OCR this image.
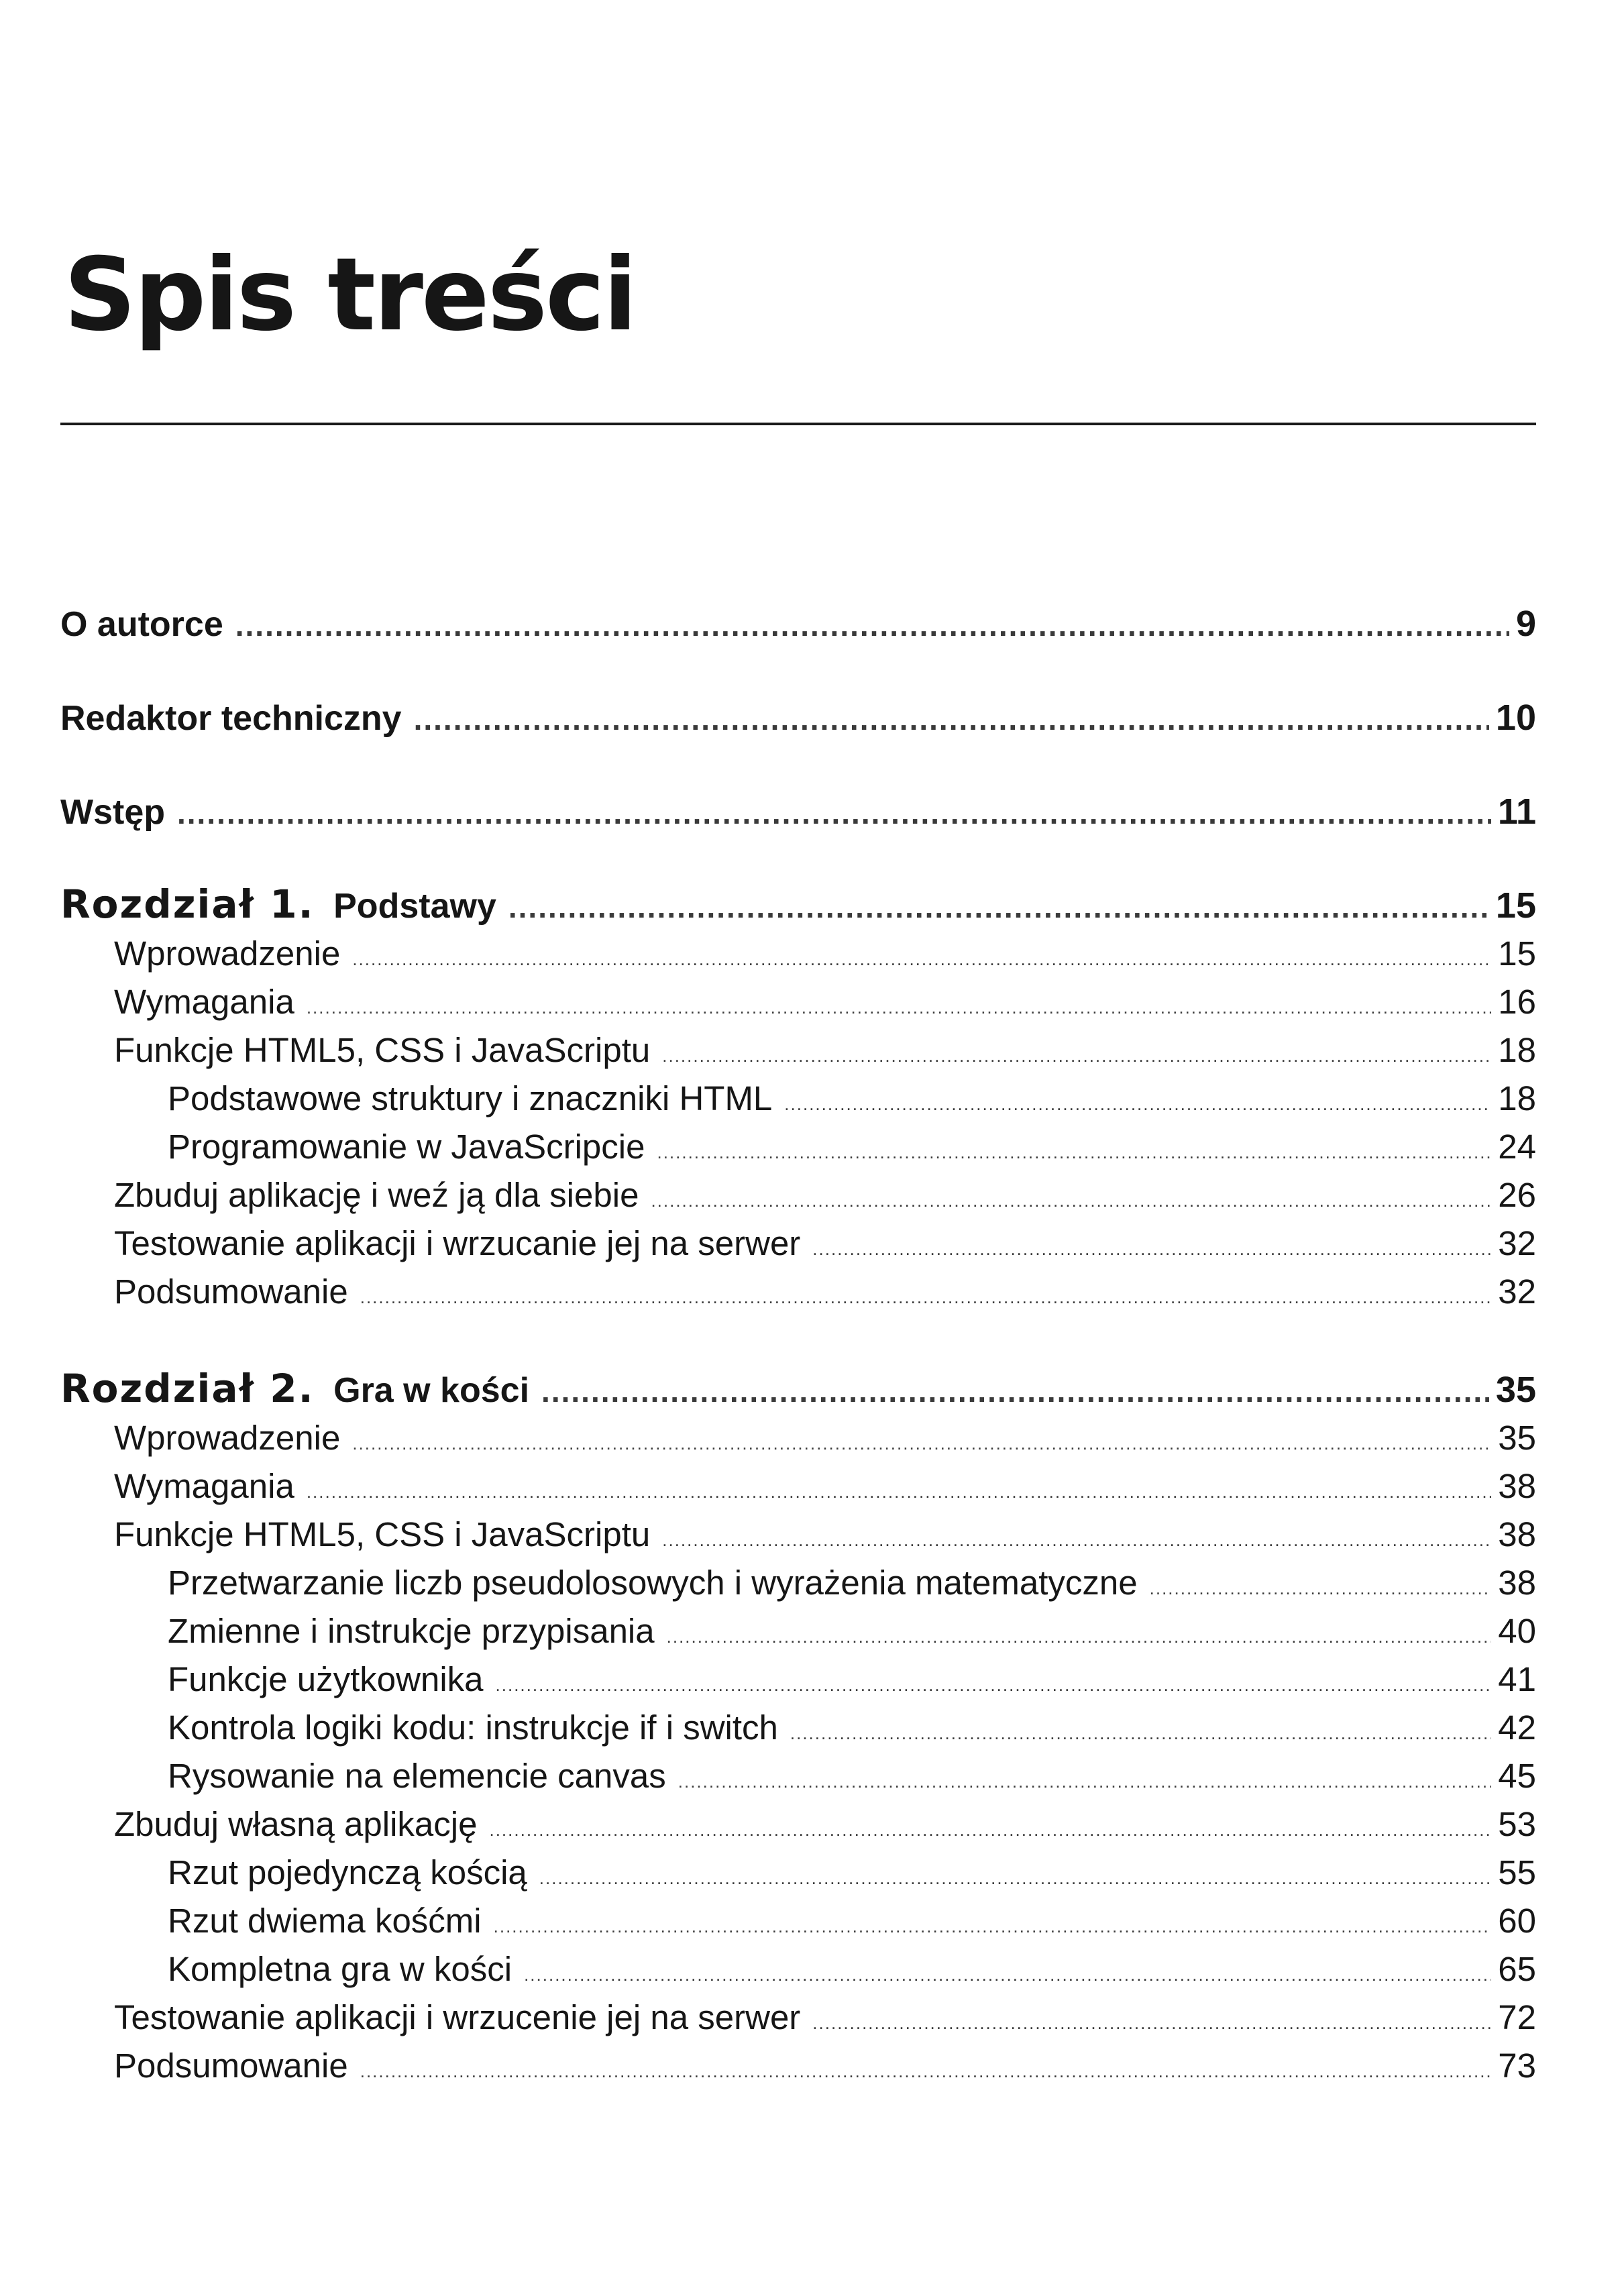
Spis treści
O autorce .....	9
Redaktor techniczny .....	10
Wstęp .....	11
Rozdział 1. Podstawy .....	15
Wprowadzenie .....	15
Wymagania .....	16
Funkcje HTML5, CSS i JavaScriptu .....	18
Podstawowe struktury i znaczniki HTML .....	18
Programowanie w JavaScripcie .....	24
Zbuduj aplikację i weź ją dla siebie .....	26
Testowanie aplikacji i wrzucanie jej na serwer .....	32
Podsumowanie .....	32
Rozdział 2. Gra w kości .....	35
Wprowadzenie .....	35
Wymagania .....	38
Funkcje HTML5, CSS i JavaScriptu .....	38
Przetwarzanie liczb pseudolosowych i wyrażenia matematyczne .....	38
Zmienne i instrukcje przypisania .....	40
Funkcje użytkownika .....	41
Kontrola logiki kodu: instrukcje if i switch .....	42
Rysowanie na elemencie canvas .....	45
Zbuduj własną aplikację .....	53
Rzut pojedynczą kością .....	55
Rzut dwiema kośćmi .....	60
Kompletna gra w kości .....	65
Testowanie aplikacji i wrzucenie jej na serwer .....	72
Podsumowanie .....	73
